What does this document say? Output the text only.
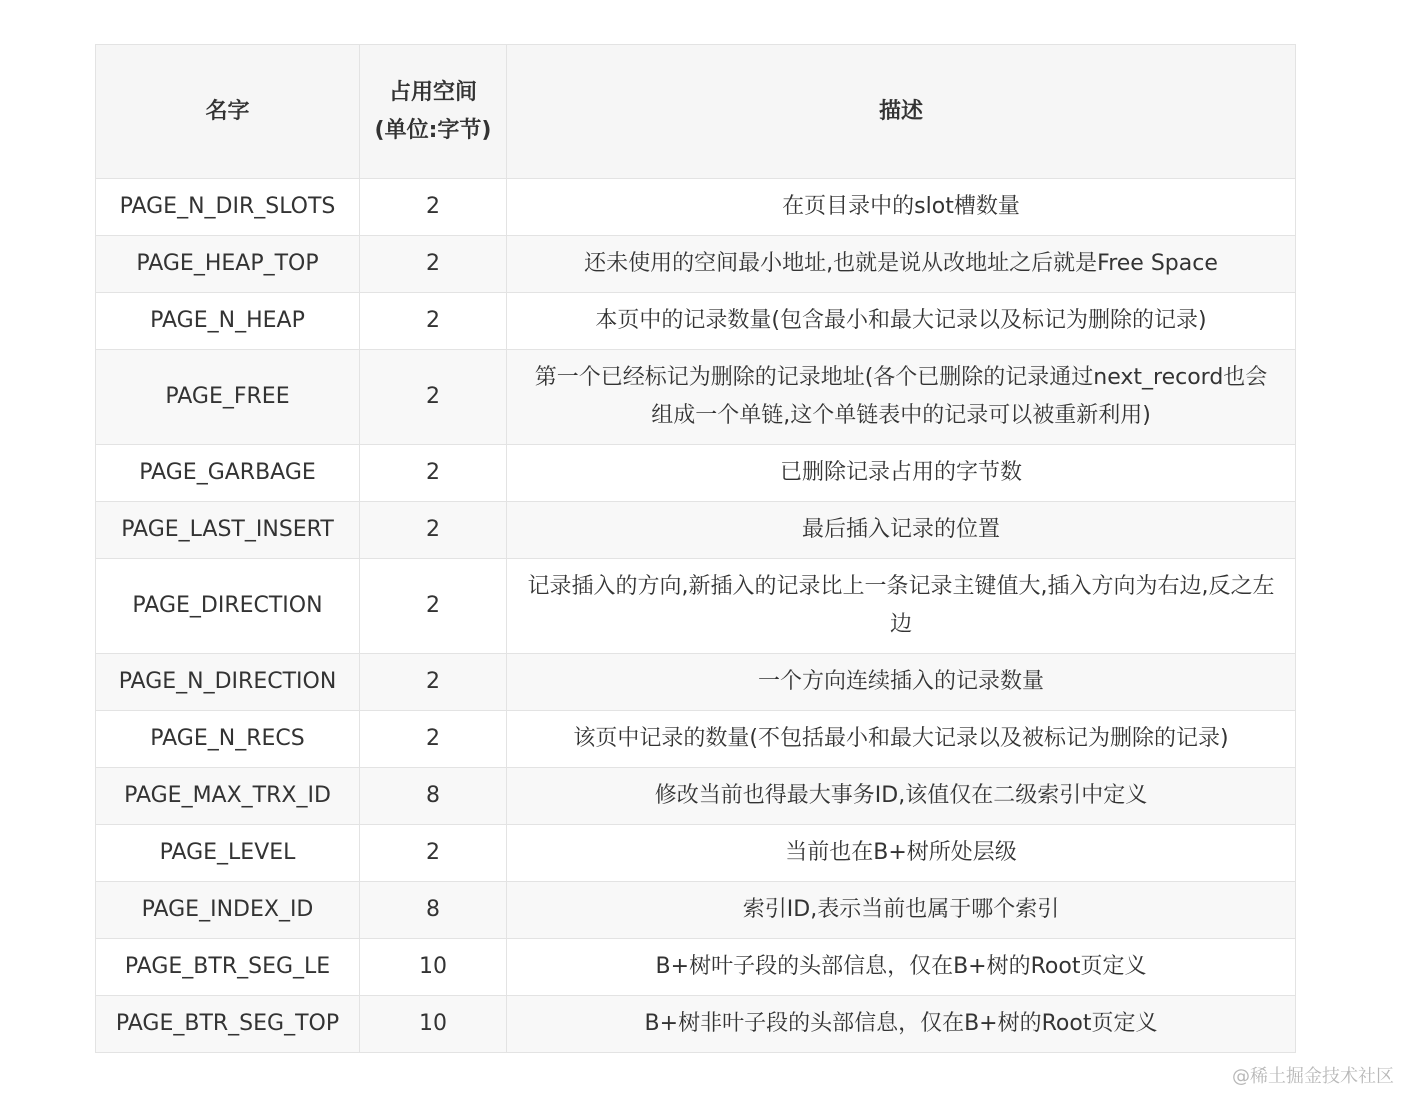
名字	占用空间(单位:字节)	描述
PAGE_N_DIR_SLOTS	2	在页目录中的slot槽数量
PAGE_HEAP_TOP	2	还未使用的空间最小地址,也就是说从改地址之后就是Free Space
PAGE_N_HEAP	2	本页中的记录数量(包含最小和最大记录以及标记为删除的记录)
PAGE_FREE	2	第一个已经标记为删除的记录地址(各个已删除的记录通过next_record也会组成一个单链,这个单链表中的记录可以被重新利用)
PAGE_GARBAGE	2	已删除记录占用的字节数
PAGE_LAST_INSERT	2	最后插入记录的位置
PAGE_DIRECTION	2	记录插入的方向,新插入的记录比上一条记录主键值大,插入方向为右边,反之左边
PAGE_N_DIRECTION	2	一个方向连续插入的记录数量
PAGE_N_RECS	2	该页中记录的数量(不包括最小和最大记录以及被标记为删除的记录)
PAGE_MAX_TRX_ID	8	修改当前也得最大事务ID,该值仅在二级索引中定义
PAGE_LEVEL	2	当前也在B+树所处层级
PAGE_INDEX_ID	8	索引ID,表示当前也属于哪个索引
PAGE_BTR_SEG_LE	10	B+树叶子段的头部信息，仅在B+树的Root页定义
PAGE_BTR_SEG_TOP	10	B+树非叶子段的头部信息，仅在B+树的Root页定义
@稀土掘金技术社区
